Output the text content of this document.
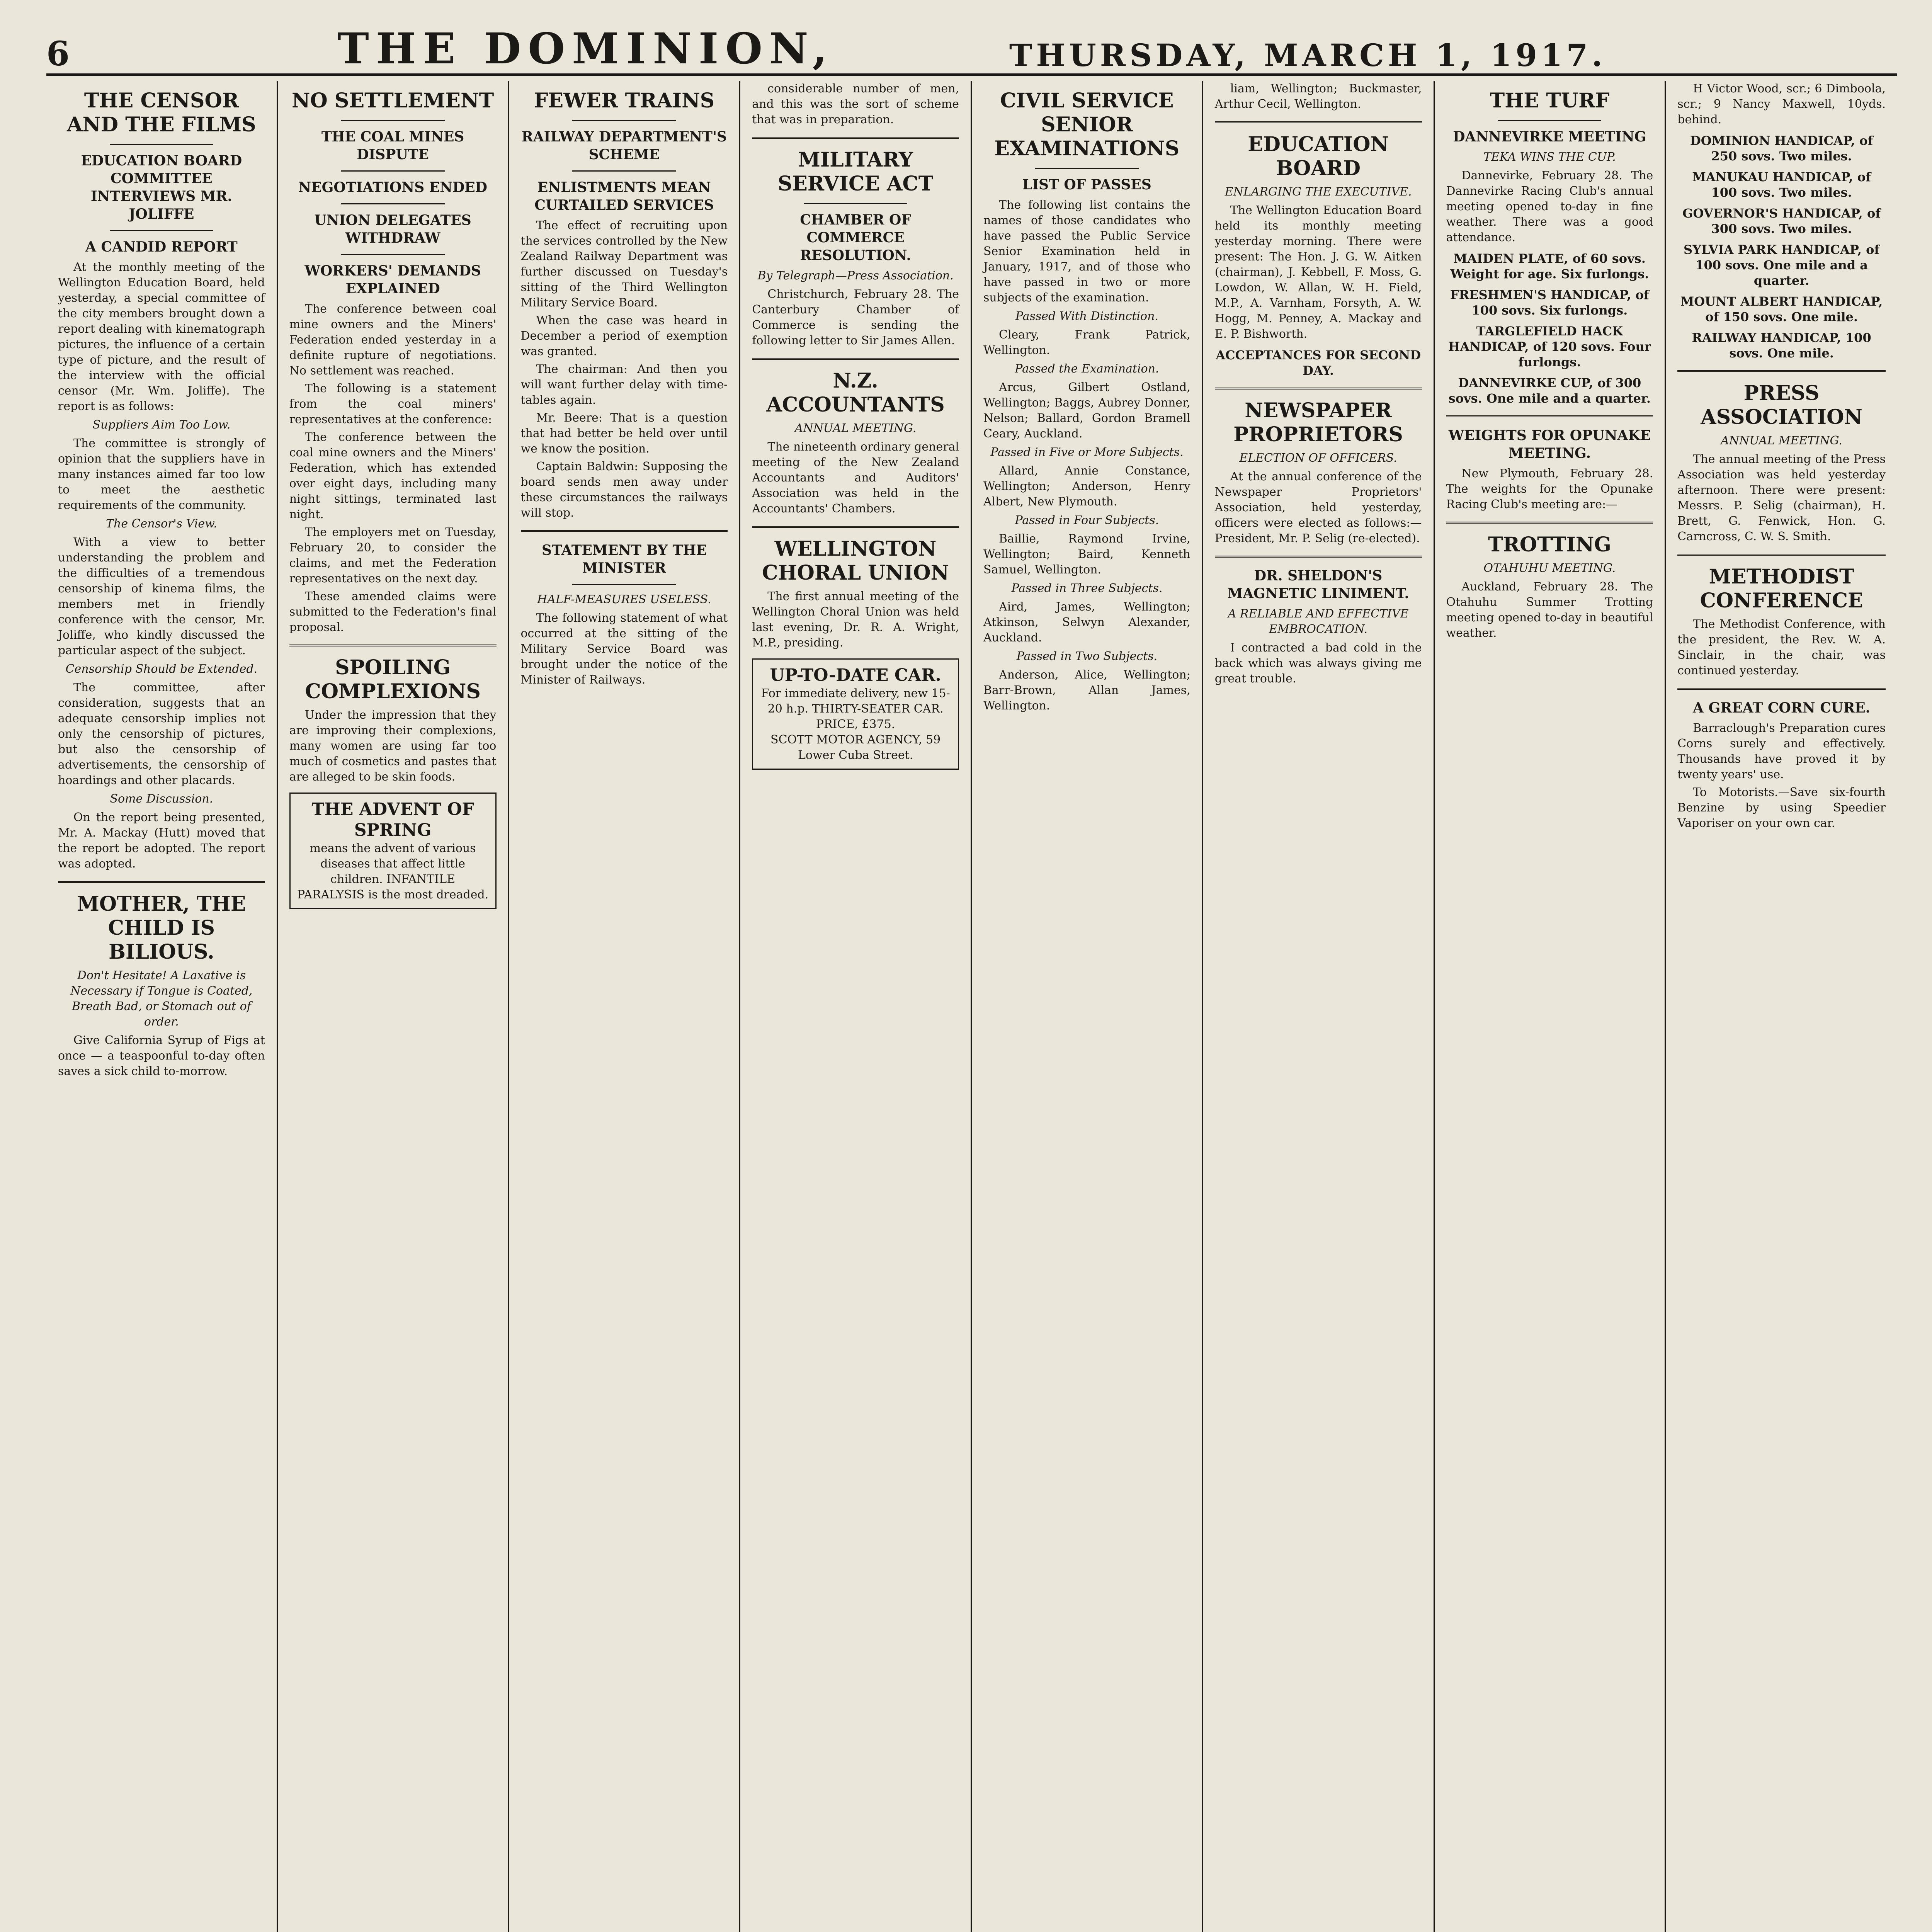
6	THE DOMINION,	THURSDAY, MARCH 1, 1917.
THE CENSOR AND THE FILMS
EDUCATION BOARD COMMITTEE INTERVIEWS MR. JOLIFFE
A CANDID REPORT

At the monthly meeting of the Wellington Education Board, held yesterday, a special committee of the city members brought down a report dealing with kinematograph pictures, the influence of a certain type of picture, and the result of the interview with the official censor (Mr. Wm. Joliffe). The report is as follows:

Suppliers Aim Too Low.

The committee is strongly of opinion that the suppliers have in many instances aimed far too low to meet the aesthetic requirements of the community.

The Censor's View.

With a view to better understanding the problem and the difficulties of a tremendous censorship of kinema films, the members met in friendly conference with the censor, Mr. Joliffe, who kindly discussed the particular aspect of the subject.

Censorship Should be Extended.

The committee, after consideration, suggests that an adequate censorship implies not only the censorship of pictures, but also the censorship of advertisements, the censorship of hoardings and other placards.

Some Discussion.

On the report being presented, Mr. A. Mackay (Hutt) moved that the report be adopted. The report was adopted.

MOTHER, THE CHILD IS BILIOUS.
Don't Hesitate! A Laxative is Necessary if Tongue is Coated, Breath Bad, or Stomach out of order.

Give California Syrup of Figs at once — a teaspoonful to-day often saves a sick child to-morrow.

NO SETTLEMENT
THE COAL MINES DISPUTE
NEGOTIATIONS ENDED
UNION DELEGATES WITHDRAW
WORKERS' DEMANDS EXPLAINED

The conference between coal mine owners and the Miners' Federation ended yesterday in a definite rupture of negotiations. No settlement was reached.

The following is a statement from the coal miners' representatives at the conference:

The conference between the coal mine owners and the Miners' Federation, which has extended over eight days, including many night sittings, terminated last night.

The employers met on Tuesday, February 20, to consider the claims, and met the Federation representatives on the next day.

These amended claims were submitted to the Federation's final proposal.

SPOILING COMPLEXIONS

Under the impression that they are improving their complexions, many women are using far too much of cosmetics and pastes that are alleged to be skin foods.

THE ADVENT OF SPRING
means the advent of various diseases that affect little children. INFANTILE PARALYSIS is the most dreaded.
FEWER TRAINS
RAILWAY DEPARTMENT'S SCHEME
ENLISTMENTS MEAN CURTAILED SERVICES

The effect of recruiting upon the services controlled by the New Zealand Railway Department was further discussed on Tuesday's sitting of the Third Wellington Military Service Board.

When the case was heard in December a period of exemption was granted.

The chairman: And then you will want further delay with time-tables again.

Mr. Beere: That is a question that had better be held over until we know the position.

Captain Baldwin: Supposing the board sends men away under these circumstances the railways will stop.

STATEMENT BY THE MINISTER
HALF-MEASURES USELESS.

The following statement of what occurred at the sitting of the Military Service Board was brought under the notice of the Minister of Railways.

considerable number of men, and this was the sort of scheme that was in preparation.

MILITARY SERVICE ACT
CHAMBER OF COMMERCE RESOLUTION.
By Telegraph—Press Association.

Christchurch, February 28. The Canterbury Chamber of Commerce is sending the following letter to Sir James Allen.

N.Z. ACCOUNTANTS
ANNUAL MEETING.

The nineteenth ordinary general meeting of the New Zealand Accountants and Auditors' Association was held in the Accountants' Chambers.

WELLINGTON CHORAL UNION

The first annual meeting of the Wellington Choral Union was held last evening, Dr. R. A. Wright, M.P., presiding.

UP-TO-DATE CAR.
For immediate delivery, new 15-20 h.p. THIRTY-SEATER CAR.
PRICE, £375.
SCOTT MOTOR AGENCY, 59 Lower Cuba Street.
CIVIL SERVICE SENIOR EXAMINATIONS
LIST OF PASSES

The following list contains the names of those candidates who have passed the Public Service Senior Examination held in January, 1917, and of those who have passed in two or more subjects of the examination.

Passed With Distinction.

Cleary, Frank Patrick, Wellington.

Passed the Examination.

Arcus, Gilbert Ostland, Wellington; Baggs, Aubrey Donner, Nelson; Ballard, Gordon Bramell Ceary, Auckland.

Passed in Five or More Subjects.

Allard, Annie Constance, Wellington; Anderson, Henry Albert, New Plymouth.

Passed in Four Subjects.

Baillie, Raymond Irvine, Wellington; Baird, Kenneth Samuel, Wellington.

Passed in Three Subjects.

Aird, James, Wellington; Atkinson, Selwyn Alexander, Auckland.

Passed in Two Subjects.

Anderson, Alice, Wellington; Barr-Brown, Allan James, Wellington.

liam, Wellington; Buckmaster, Arthur Cecil, Wellington.

EDUCATION BOARD
ENLARGING THE EXECUTIVE.

The Wellington Education Board held its monthly meeting yesterday morning. There were present: The Hon. J. G. W. Aitken (chairman), J. Kebbell, F. Moss, G. Lowdon, W. Allan, W. H. Field, M.P., A. Varnham, Forsyth, A. W. Hogg, M. Penney, A. Mackay and E. P. Bishworth.

ACCEPTANCES FOR SECOND DAY.
NEWSPAPER PROPRIETORS
ELECTION OF OFFICERS.

At the annual conference of the Newspaper Proprietors' Association, held yesterday, officers were elected as follows:—President, Mr. P. Selig (re-elected).

DR. SHELDON'S MAGNETIC LINIMENT.
A RELIABLE AND EFFECTIVE EMBROCATION.

I contracted a bad cold in the back which was always giving me great trouble.

THE TURF
DANNEVIRKE MEETING
TEKA WINS THE CUP.

Dannevirke, February 28. The Dannevirke Racing Club's annual meeting opened to-day in fine weather. There was a good attendance.

MAIDEN PLATE, of 60 sovs. Weight for age. Six furlongs.
FRESHMEN'S HANDICAP, of 100 sovs. Six furlongs.
TARGLEFIELD HACK HANDICAP, of 120 sovs. Four furlongs.
DANNEVIRKE CUP, of 300 sovs. One mile and a quarter.
WEIGHTS FOR OPUNAKE MEETING.

New Plymouth, February 28. The weights for the Opunake Racing Club's meeting are:—

TROTTING
OTAHUHU MEETING.

Auckland, February 28. The Otahuhu Summer Trotting meeting opened to-day in beautiful weather.

H Victor Wood, scr.; 6 Dimboola, scr.; 9 Nancy Maxwell, 10yds. behind.

DOMINION HANDICAP, of 250 sovs. Two miles.
MANUKAU HANDICAP, of 100 sovs. Two miles.
GOVERNOR'S HANDICAP, of 300 sovs. Two miles.
SYLVIA PARK HANDICAP, of 100 sovs. One mile and a quarter.
MOUNT ALBERT HANDICAP, of 150 sovs. One mile.
RAILWAY HANDICAP, 100 sovs. One mile.
PRESS ASSOCIATION
ANNUAL MEETING.

The annual meeting of the Press Association was held yesterday afternoon. There were present: Messrs. P. Selig (chairman), H. Brett, G. Fenwick, Hon. G. Carncross, C. W. S. Smith.

METHODIST CONFERENCE

The Methodist Conference, with the president, the Rev. W. A. Sinclair, in the chair, was continued yesterday.

A GREAT CORN CURE.

Barraclough's Preparation cures Corns surely and effectively. Thousands have proved it by twenty years' use.

To Motorists.—Save six-fourth Benzine by using Speedier Vaporiser on your own car.
